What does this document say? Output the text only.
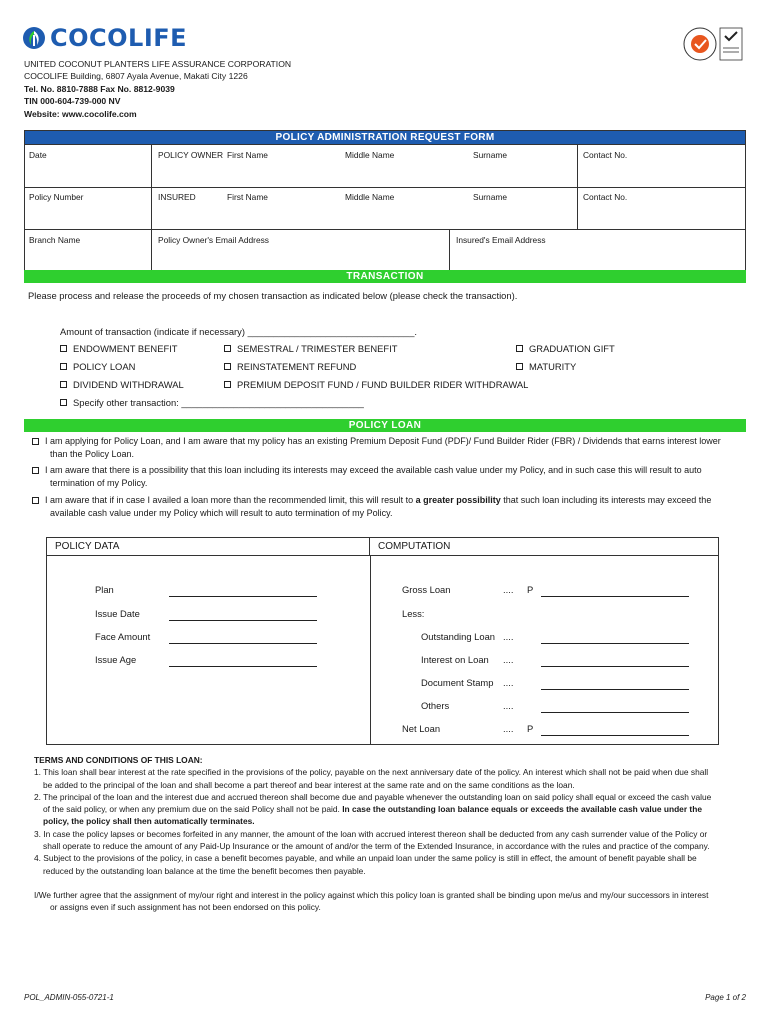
COCOLIFE
UNITED COCONUT PLANTERS LIFE ASSURANCE CORPORATION
COCOLIFE Building, 6807 Ayala Avenue, Makati City 1226
Tel. No. 8810-7888 Fax No. 8812-9039
TIN 000-604-739-000 NV
Website: www.cocolife.com
POLICY ADMINISTRATION REQUEST FORM
Date	POLICY OWNER First Name	Middle Name	Surname	Contact No.
Policy Number	INSURED	First Name	Middle Name	Surname	Contact No.
Branch Name	Policy Owner's Email Address	Insured's Email Address
TRANSACTION
Please process and release the proceeds of my chosen transaction as indicated below (please check the transaction).
Amount of transaction (indicate if necessary) ________________________________.
ENDOWMENT BENEFIT	SEMESTRAL / TRIMESTER BENEFIT	GRADUATION GIFT
POLICY LOAN	REINSTATEMENT REFUND	MATURITY
DIVIDEND WITHDRAWAL	PREMIUM DEPOSIT FUND / FUND BUILDER RIDER WITHDRAWAL
Specify other transaction: ___________________________________
POLICY LOAN
I am applying for Policy Loan, and I am aware that my policy has an existing Premium Deposit Fund (PDF)/ Fund Builder Rider (FBR) / Dividends that earns interest lower
than the Policy Loan.
I am aware that there is a possibility that this loan including its interests may exceed the available cash value under my Policy, and in such case this will result to auto
termination of my Policy.
I am aware that if in case I availed a loan more than the recommended limit, this will result to a greater possibility that such loan including its interests may exceed the
available cash value under my Policy which will result to auto termination of my Policy.
POLICY DATA	COMPUTATION
Plan
Issue Date
Face Amount
Issue Age
Gross Loan	.... P
Less:
Outstanding Loan ....
Interest on Loan ....
Document Stamp ....
Others	....
Net Loan	.... P

TERMS AND CONDITIONS OF THIS LOAN:

1. This loan shall bear interest at the rate specified in the provisions of the policy, payable on the next anniversary date of the policy. An interest which shall not be paid when due shall

be added to the principal of the loan and shall become a part thereof and bear interest at the same rate and on the same conditions as the loan.

2. The principal of the loan and the interest due and accrued thereon shall become due and payable whenever the outstanding loan on said policy shall equal or exceed the cash value

of the said policy, or when any premium due on the said Policy shall not be paid. In case the outstanding loan balance equals or exceeds the available cash value under the

policy, the policy shall then automatically terminates.

3. In case the policy lapses or becomes forfeited in any manner, the amount of the loan with accrued interest thereon shall be deducted from any cash surrender value of the Policy or

shall operate to reduce the amount of any Paid-Up Insurance or the amount of and/or the term of the Extended Insurance, in accordance with the rules and practice of the company.

4. Subject to the provisions of the policy, in case a benefit becomes payable, and while an unpaid loan under the same policy is still in effect, the amount of benefit payable shall be

reduced by the outstanding loan balance at the time the benefit becomes then payable.

I/We further agree that the assignment of my/our right and interest in the policy against which this policy loan is granted shall be binding upon me/us and my/our successors in interest

or assigns even if such assignment has not been endorsed on this policy.

POL_ADMIN-055-0721-1	Page 1 of 2
